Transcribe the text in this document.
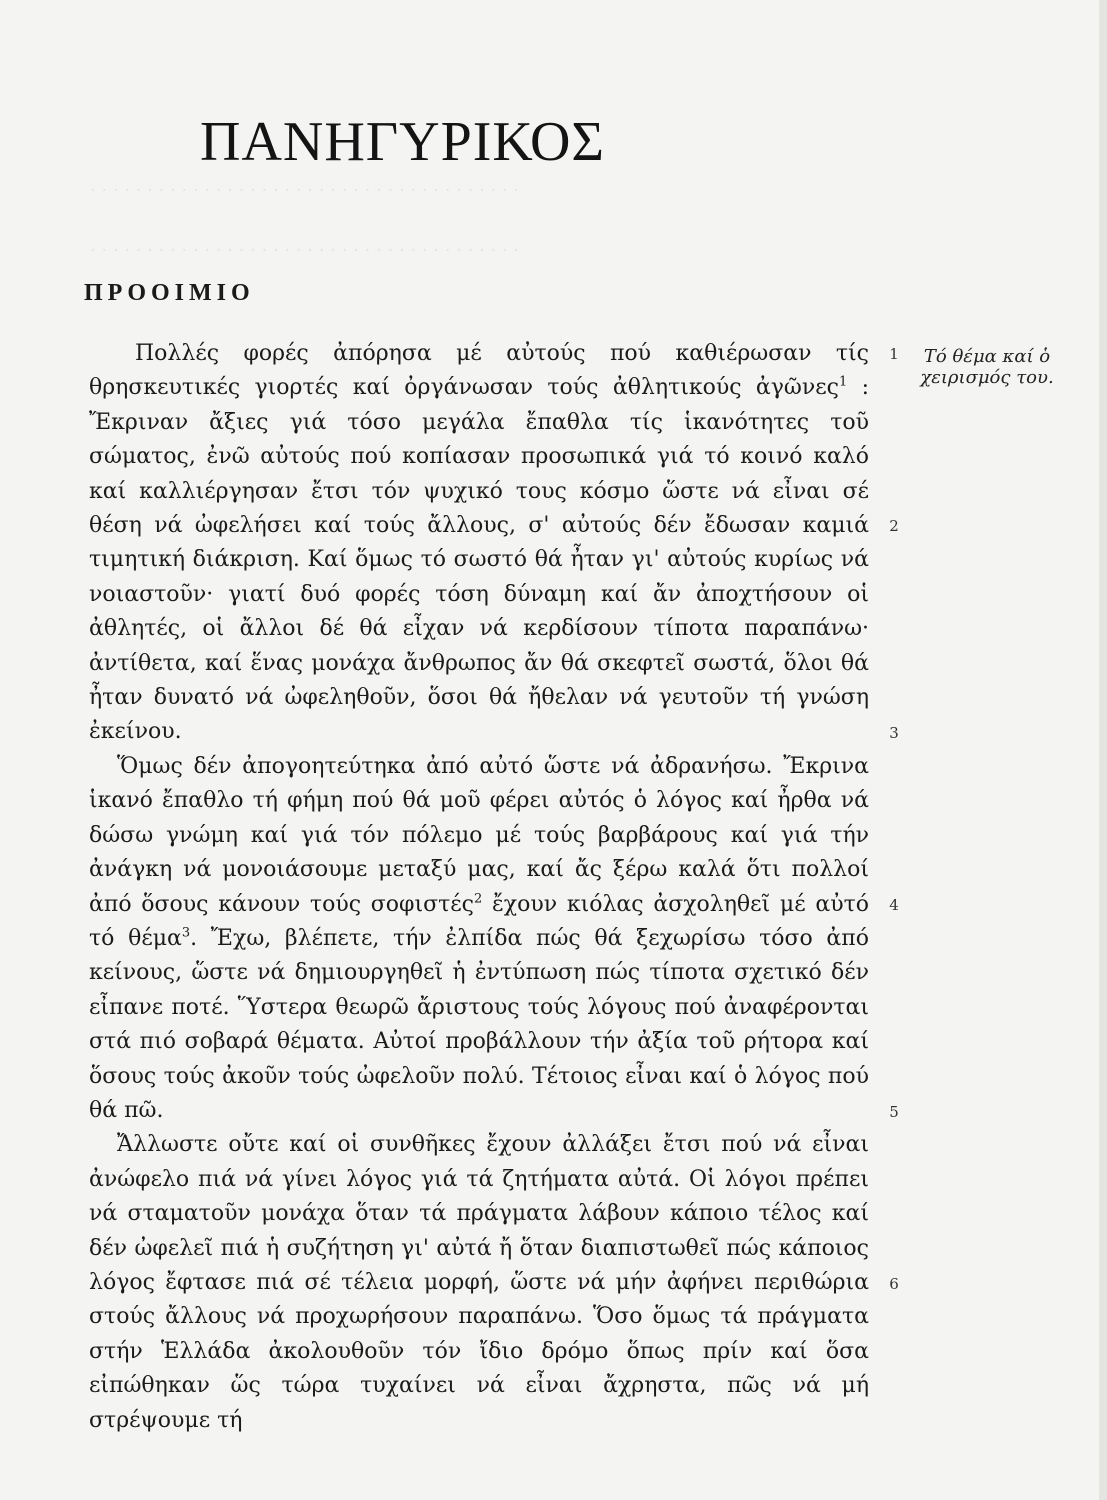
· · · · · · · · · · · · · · · · · · · · · · · · · · · · · · · · · · · · · ·
· · · · · · · · · · · · · · · · · · · · · · · · · · · · · · · · · · · · · ·
ΠΑΝΗΓΥΡΙΚΟΣ
ΠΡΟΟΙΜΙΟ

Πολλές φορές ἀπόρησα μέ αὐτούς πού καθιέρωσαν τίς θρησκευτικές γιορτές καί ὀργάνωσαν τούς ἀθλητικούς ἀγῶνες$^1$ : Ἔκριναν ἄξιες γιά τόσο μεγάλα ἔπαθλα τίς ἱκανότητες τοῦ σώματος, ἐνῶ αὐτούς πού κοπίασαν προσωπικά γιά τό κοινό καλό καί καλλιέργησαν ἔτσι τόν ψυχικό τους κόσμο ὥστε νά εἶναι σέ θέση νά ὠφελήσει καί τούς ἄλλους, σ' αὐτούς δέν ἔδωσαν καμιά τιμητική διάκριση. Καί ὅμως τό σωστό θά ἦταν γι' αὐτούς κυρίως νά νοιαστοῦν· γιατί δυό φορές τόση δύναμη καί ἄν ἀποχτήσουν οἱ ἀθλητές, οἱ ἄλλοι δέ θά εἶχαν νά κερδίσουν τίποτα παραπάνω· ἀντίθετα, καί ἕνας μονάχα ἄνθρωπος ἄν θά σκεφτεῖ σωστά, ὅλοι θά ἦταν δυνατό νά ὠφεληθοῦν, ὅσοι θά ἤθελαν νά γευτοῦν τή γνώση ἐκείνου.

Ὅμως δέν ἀπογοητεύτηκα ἀπό αὐτό ὥστε νά ἀδρανήσω. Ἔκρινα ἱκανό ἔπαθλο τή φήμη πού θά μοῦ φέρει αὐτός ὁ λόγος καί ἦρθα νά δώσω γνώμη καί γιά τόν πόλεμο μέ τούς βαρβάρους καί γιά τήν ἀνάγκη νά μονοιάσουμε μεταξύ μας, καί ἄς ξέρω καλά ὅτι πολλοί ἀπό ὅσους κάνουν τούς σοφιστές$^2$ ἔχουν κιόλας ἀσχοληθεῖ μέ αὐτό τό θέμα$^3$. Ἔχω, βλέπετε, τήν ἐλπίδα πώς θά ξεχωρίσω τόσο ἀπό κείνους, ὥστε νά δημιουργηθεῖ ἡ ἐντύπωση πώς τίποτα σχετικό δέν εἶπανε ποτέ. Ὕστερα θεωρῶ ἄριστους τούς λόγους πού ἀναφέρονται στά πιό σοβαρά θέματα. Αὐτοί προβάλλουν τήν ἀξία τοῦ ρήτορα καί ὅσους τούς ἀκοῦν τούς ὠφελοῦν πολύ. Τέτοιος εἶναι καί ὁ λόγος πού θά πῶ.

Ἄλλωστε οὔτε καί οἱ συνθῆκες ἔχουν ἀλλάξει ἔτσι πού νά εἶναι ἀνώφελο πιά νά γίνει λόγος γιά τά ζητήματα αὐτά. Οἱ λόγοι πρέπει νά σταματοῦν μονάχα ὅταν τά πράγματα λάβουν κάποιο τέλος καί δέν ὠφελεῖ πιά ἡ συζήτηση γι' αὐτά ἤ ὅταν διαπιστωθεῖ πώς κάποιος λόγος ἔφτασε πιά σέ τέλεια μορφή, ὥστε νά μήν ἀφήνει περιθώρια στούς ἄλλους νά προχωρήσουν παραπάνω. Ὅσο ὅμως τά πράγματα στήν Ἑλλάδα ἀκολουθοῦν τόν ἴδιο δρόμο ὅπως πρίν καί ὅσα εἰπώθηκαν ὥς τώρα τυχαίνει νά εἶναι ἄχρηστα, πῶς νά μή στρέψουμε τή

1
2
3
4
5
6
Τό θέμα καί ὁ χειρισμός του.
